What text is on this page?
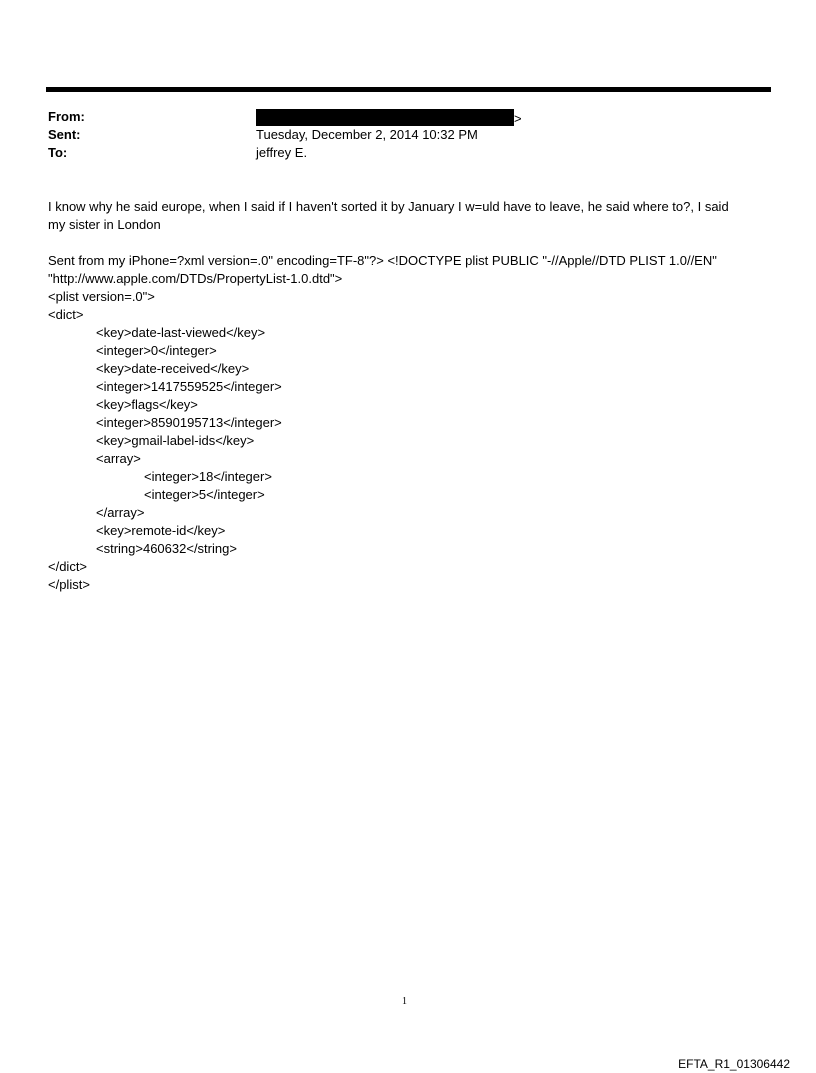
From:	>
Sent:	Tuesday, December 2, 2014 10:32 PM
To:	jeffrey E.
I know why he said europe, when I said if I haven't sorted it by January I w=uld have to leave, he said where to?, I said
my sister in London
Sent from my iPhone=?xml version=.0" encoding=TF-8"?> <!DOCTYPE plist PUBLIC "-//Apple//DTD PLIST 1.0//EN"
"http://www.apple.com/DTDs/PropertyList-1.0.dtd">
<plist version=.0">
<dict>
<key>date-last-viewed</key>
<integer>0</integer>
<key>date-received</key>
<integer>1417559525</integer>
<key>flags</key>
<integer>8590195713</integer>
<key>gmail-label-ids</key>
<array>
<integer>18</integer>
<integer>5</integer>
</array>
<key>remote-id</key>
<string>460632</string>
</dict>
</plist>
1
EFTA_R1_01306442
